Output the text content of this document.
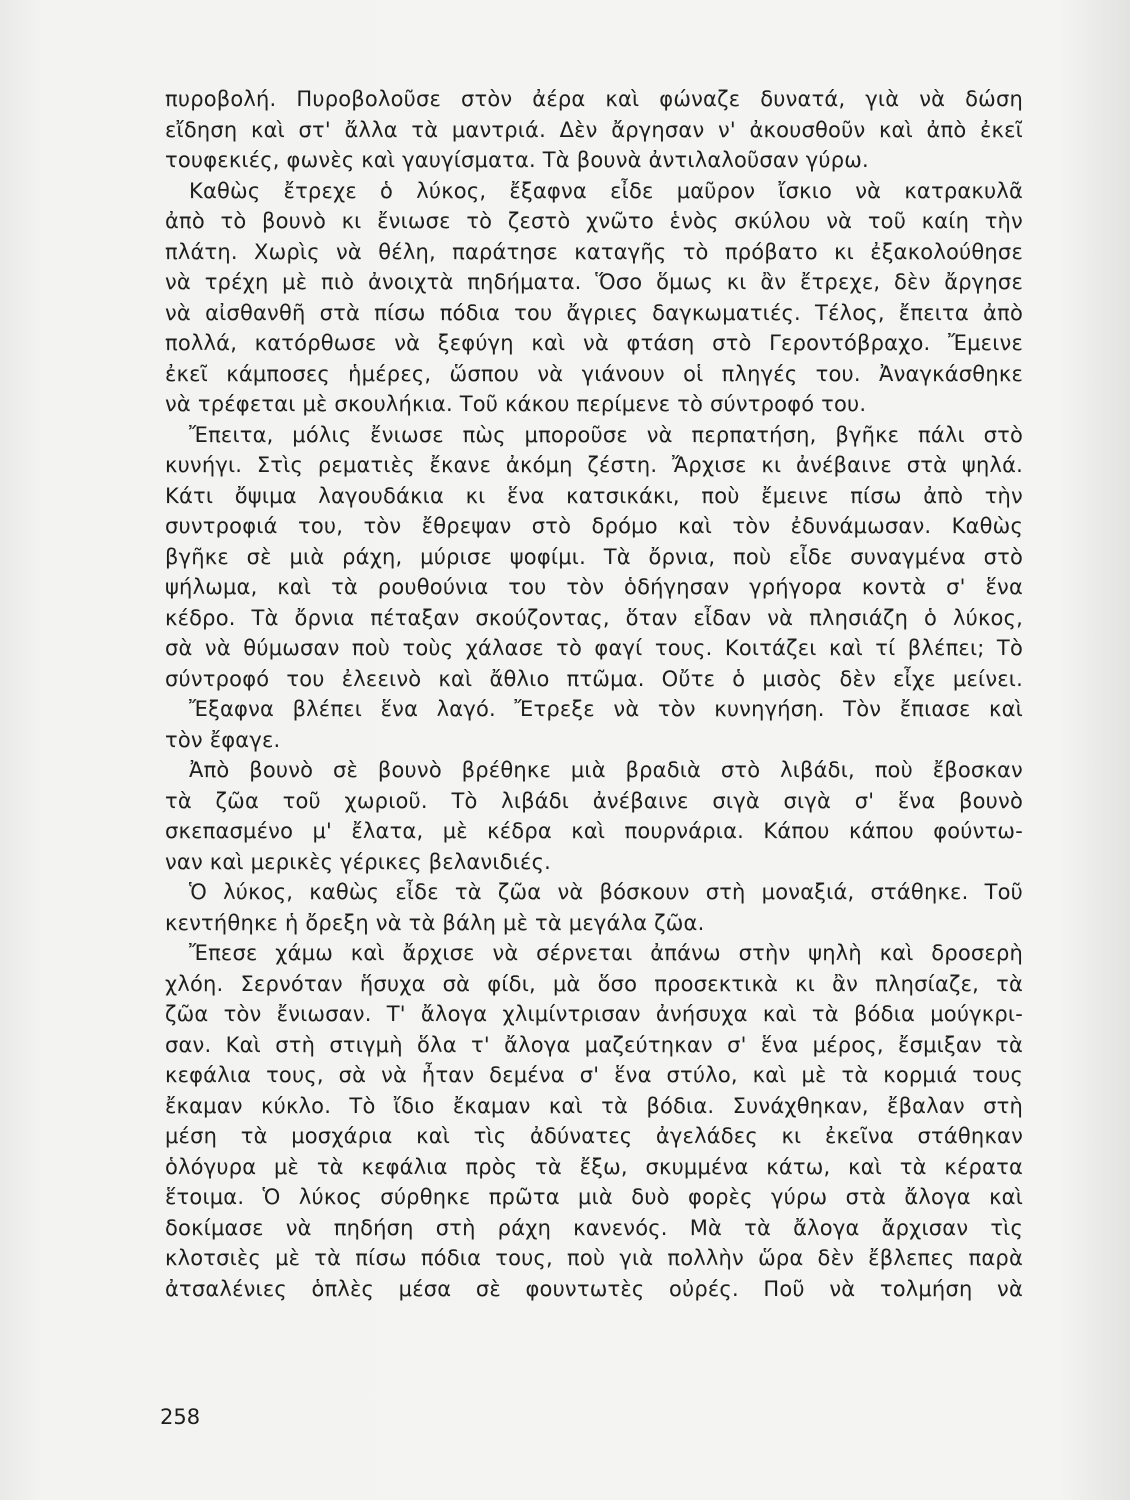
πυροβολή. Πυροβολοῦσε στὸν ἀέρα καὶ φώναζε δυνατά, γιὰ νὰ δώση
εἴδηση καὶ στ' ἄλλα τὰ μαντριά. Δὲν ἄργησαν ν' ἀκουσθοῦν καὶ ἀπὸ ἐκεῖ
τουφεκιές, φωνὲς καὶ γαυγίσματα. Τὰ βουνὰ ἀντιλαλοῦσαν γύρω.
Καθὼς ἔτρεχε ὁ λύκος, ἔξαφνα εἶδε μαῦρον ἴσκιο νὰ κατρακυλᾶ
ἀπὸ τὸ βουνὸ κι ἔνιωσε τὸ ζεστὸ χνῶτο ἑνὸς σκύλου νὰ τοῦ καίη τὴν
πλάτη. Χωρὶς νὰ θέλη, παράτησε καταγῆς τὸ πρόβατο κι ἐξακολούθησε
νὰ τρέχη μὲ πιὸ ἀνοιχτὰ πηδήματα. Ὅσο ὅμως κι ἂν ἔτρεχε, δὲν ἄργησε
νὰ αἰσθανθῆ στὰ πίσω πόδια του ἄγριες δαγκωματιές. Τέλος, ἔπειτα ἀπὸ
πολλά, κατόρθωσε νὰ ξεφύγη καὶ νὰ φτάση στὸ Γεροντόβραχο. Ἔμεινε
ἐκεῖ κάμποσες ἡμέρες, ὥσπου νὰ γιάνουν οἱ πληγές του. Ἀναγκάσθηκε
νὰ τρέφεται μὲ σκουλήκια. Τοῦ κάκου περίμενε τὸ σύντροφό του.
Ἔπειτα, μόλις ἔνιωσε πὼς μποροῦσε νὰ περπατήση, βγῆκε πάλι στὸ
κυνήγι. Στὶς ρεματιὲς ἔκανε ἀκόμη ζέστη. Ἄρχισε κι ἀνέβαινε στὰ ψηλά.
Κάτι ὄψιμα λαγουδάκια κι ἕνα κατσικάκι, ποὺ ἔμεινε πίσω ἀπὸ τὴν
συντροφιά του, τὸν ἔθρεψαν στὸ δρόμο καὶ τὸν ἐδυνάμωσαν. Καθὼς
βγῆκε σὲ μιὰ ράχη, μύρισε ψοφίμι. Τὰ ὄρνια, ποὺ εἶδε συναγμένα στὸ
ψήλωμα, καὶ τὰ ρουθούνια του τὸν ὁδήγησαν γρήγορα κοντὰ σ' ἕνα
κέδρο. Τὰ ὄρνια πέταξαν σκούζοντας, ὅταν εἶδαν νὰ πλησιάζη ὁ λύκος,
σὰ νὰ θύμωσαν ποὺ τοὺς χάλασε τὸ φαγί τους. Κοιτάζει καὶ τί βλέπει; Τὸ
σύντροφό του ἐλεεινὸ καὶ ἄθλιο πτῶμα. Οὔτε ὁ μισὸς δὲν εἶχε μείνει.
Ἔξαφνα βλέπει ἕνα λαγό. Ἔτρεξε νὰ τὸν κυνηγήση. Τὸν ἔπιασε καὶ
τὸν ἔφαγε.
Ἀπὸ βουνὸ σὲ βουνὸ βρέθηκε μιὰ βραδιὰ στὸ λιβάδι, ποὺ ἔβοσκαν
τὰ ζῶα τοῦ χωριοῦ. Τὸ λιβάδι ἀνέβαινε σιγὰ σιγὰ σ' ἕνα βουνὸ
σκεπασμένο μ' ἔλατα, μὲ κέδρα καὶ πουρνάρια. Κάπου κάπου φούντω-
ναν καὶ μερικὲς γέρικες βελανιδιές.
Ὁ λύκος, καθὼς εἶδε τὰ ζῶα νὰ βόσκουν στὴ μοναξιά, στάθηκε. Τοῦ
κεντήθηκε ἡ ὄρεξη νὰ τὰ βάλη μὲ τὰ μεγάλα ζῶα.
Ἔπεσε χάμω καὶ ἄρχισε νὰ σέρνεται ἀπάνω στὴν ψηλὴ καὶ δροσερὴ
χλόη. Σερνόταν ἥσυχα σὰ φίδι, μὰ ὅσο προσεκτικὰ κι ἂν πλησίαζε, τὰ
ζῶα τὸν ἔνιωσαν. Τ' ἄλογα χλιμίντρισαν ἀνήσυχα καὶ τὰ βόδια μούγκρι-
σαν. Καὶ στὴ στιγμὴ ὅλα τ' ἄλογα μαζεύτηκαν σ' ἕνα μέρος, ἔσμιξαν τὰ
κεφάλια τους, σὰ νὰ ἦταν δεμένα σ' ἕνα στύλο, καὶ μὲ τὰ κορμιά τους
ἔκαμαν κύκλο. Τὸ ἴδιο ἔκαμαν καὶ τὰ βόδια. Συνάχθηκαν, ἔβαλαν στὴ
μέση τὰ μοσχάρια καὶ τὶς ἀδύνατες ἀγελάδες κι ἐκεῖνα στάθηκαν
ὁλόγυρα μὲ τὰ κεφάλια πρὸς τὰ ἔξω, σκυμμένα κάτω, καὶ τὰ κέρατα
ἕτοιμα. Ὁ λύκος σύρθηκε πρῶτα μιὰ δυὸ φορὲς γύρω στὰ ἄλογα καὶ
δοκίμασε νὰ πηδήση στὴ ράχη κανενός. Μὰ τὰ ἄλογα ἄρχισαν τὶς
κλοτσιὲς μὲ τὰ πίσω πόδια τους, ποὺ γιὰ πολλὴν ὥρα δὲν ἔβλεπες παρὰ
ἀτσαλένιες ὁπλὲς μέσα σὲ φουντωτὲς οὐρές. Ποῦ νὰ τολμήση νὰ
258
